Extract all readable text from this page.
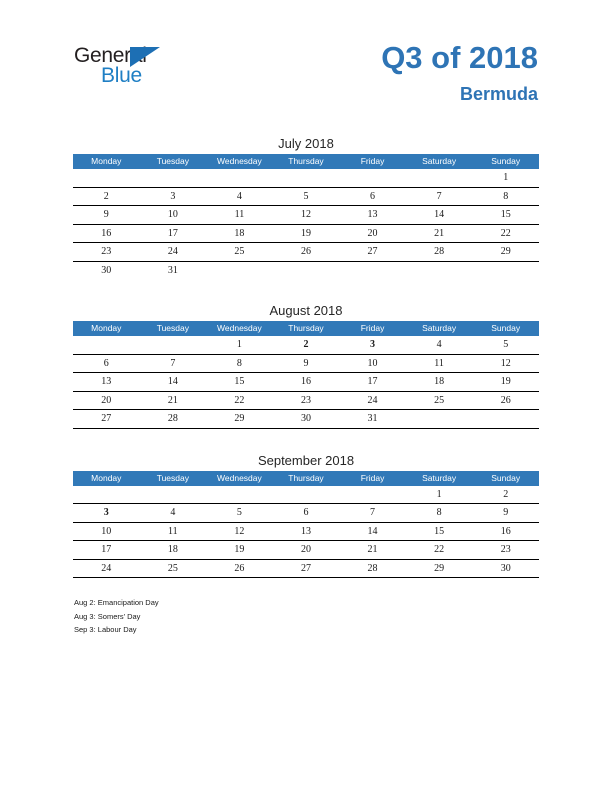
General
Blue
Q3 of 2018
Bermuda
July 2018
Monday	Tuesday	Wednesday	Thursday	Friday	Saturday	Sunday
						1
2	3	4	5	6	7	8
9	10	11	12	13	14	15
16	17	18	19	20	21	22
23	24	25	26	27	28	29
30	31					
August 2018
Monday	Tuesday	Wednesday	Thursday	Friday	Saturday	Sunday
		1	2	3	4	5
6	7	8	9	10	11	12
13	14	15	16	17	18	19
20	21	22	23	24	25	26
27	28	29	30	31		
September 2018
Monday	Tuesday	Wednesday	Thursday	Friday	Saturday	Sunday
					1	2
3	4	5	6	7	8	9
10	11	12	13	14	15	16
17	18	19	20	21	22	23
24	25	26	27	28	29	30
Aug 2: Emancipation Day
Aug 3: Somers’ Day
Sep 3: Labour Day
